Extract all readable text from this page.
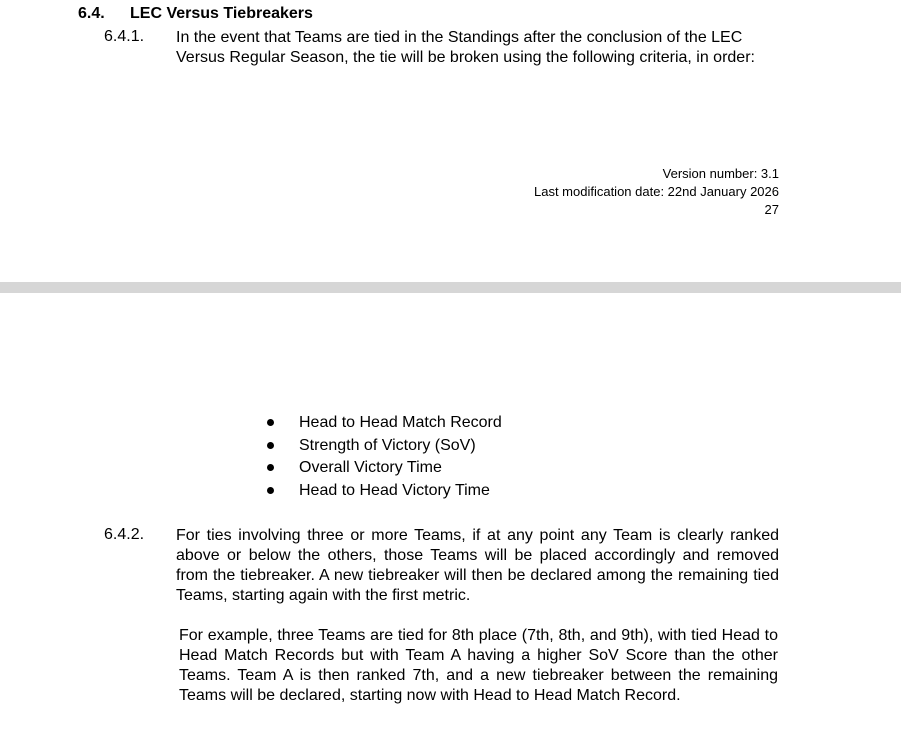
6.4. LEC Versus Tiebreakers
6.4.1. In the event that Teams are tied in the Standings after the conclusion of the LEC Versus Regular Season, the tie will be broken using the following criteria, in order:
Version number: 3.1
Last modification date: 22nd January 2026
27
Head to Head Match Record
Strength of Victory (SoV)
Overall Victory Time
Head to Head Victory Time
6.4.2. For ties involving three or more Teams, if at any point any Team is clearly ranked above or below the others, those Teams will be placed accordingly and removed from the tiebreaker. A new tiebreaker will then be declared among the remaining tied Teams, starting again with the first metric.
For example, three Teams are tied for 8th place (7th, 8th, and 9th), with tied Head to Head Match Records but with Team A having a higher SoV Score than the other Teams. Team A is then ranked 7th, and a new tiebreaker between the remaining Teams will be declared, starting now with Head to Head Match Record.
